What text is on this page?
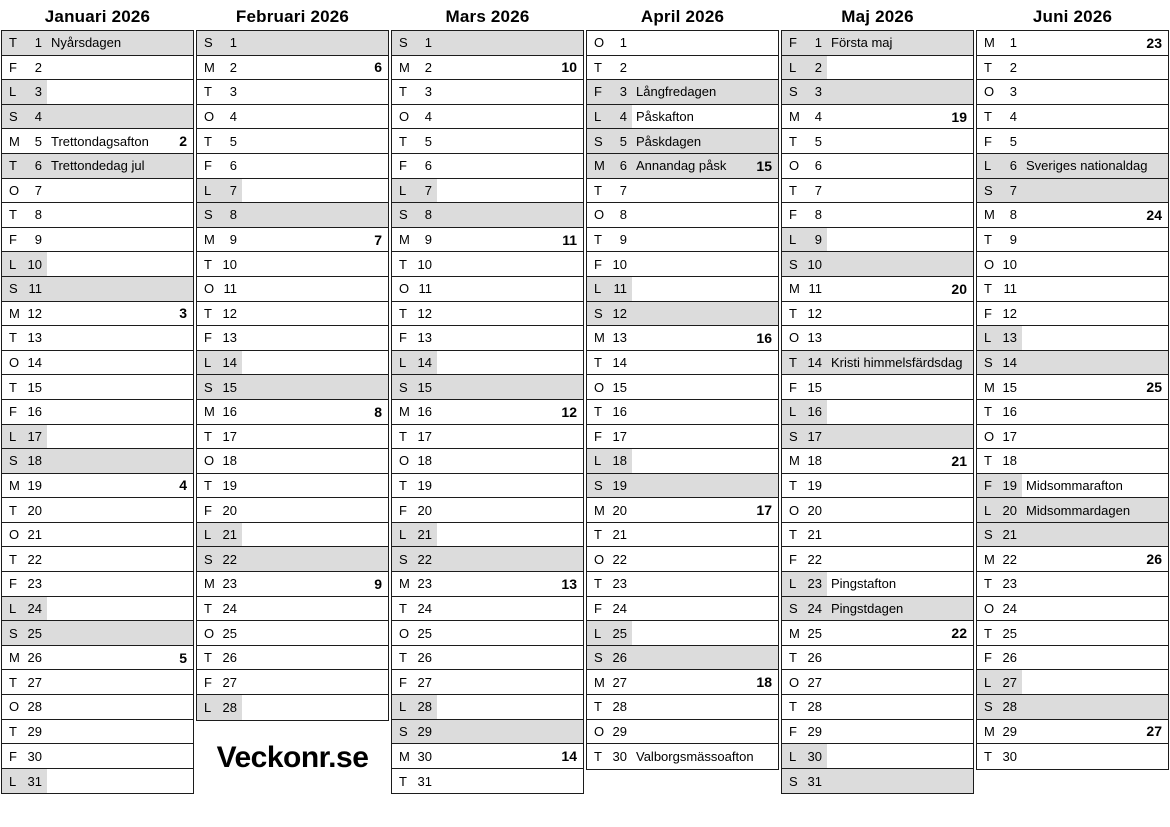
Januari 2026
T	1 Nyårsdagen
F	2
L	3
S	4
M	5 Trettondagsafton 2
T	6 Trettondedag jul
O	7
T	8
F	9
L 10
S 11
M 12	3
T 13
O 14
T 15
F 16
L 17
S 18
M 19	4
T 20
O 21
T 22
F 23
L 24
S 25
M 26	5
T 27
O 28
T 29
F 30
L 31
Februari 2026
S	1
M	2	6
T	3
O	4
T	5
F	6
L	7
S	8
M	9	7
T 10
O 11
T 12
F 13
L 14
S 15
M 16	8
T 17
O 18
T 19
F 20
L 21
S 22
M 23	9
T 24
O 25
T 26
F 27
L 28
Veckonr.se
Mars 2026
S	1
M	2	10
T	3
O	4
T	5
F	6
L	7
S	8
M	9	11
T 10
O 11
T 12
F 13
L 14
S 15
M 16	12
T 17
O 18
T 19
F 20
L 21
S 22
M 23	13
T 24
O 25
T 26
F 27
L 28
S 29
M 30	14
T 31
April 2026
O	1
T	2
F	3 Långfredagen
L	4 Påskafton
S	5 Påskdagen
M	6 Annandag påsk 15
T	7
O	8
T	9
F 10
L 11
S 12
M 13	16
T 14
O 15
T 16
F 17
L 18
S 19
M 20	17
T 21
O 22
T 23
F 24
L 25
S 26
M 27	18
T 28
O 29
T 30 Valborgsmässoafton
Maj 2026
F	1 Första maj
L	2
S	3
M	4	19
T	5
O	6
T	7
F	8
L	9
S 10
M 11	20
T 12
O 13
T 14 Kristi himmelsfärdsdag
F 15
L 16
S 17
M 18	21
T 19
O 20
T 21
F 22
L 23 Pingstafton
S 24 Pingstdagen
M 25	22
T 26
O 27
T 28
F 29
L 30
S 31
Juni 2026
M	1	23
T	2
O	3
T	4
F	5
L	6 Sveriges nationaldag
S	7
M	8	24
T	9
O 10
T 11
F 12
L 13
S 14
M 15	25
T 16
O 17
T 18
F 19 Midsommarafton
L 20 Midsommardagen
S 21
M 22	26
T 23
O 24
T 25
F 26
L 27
S 28
M 29	27
T 30
